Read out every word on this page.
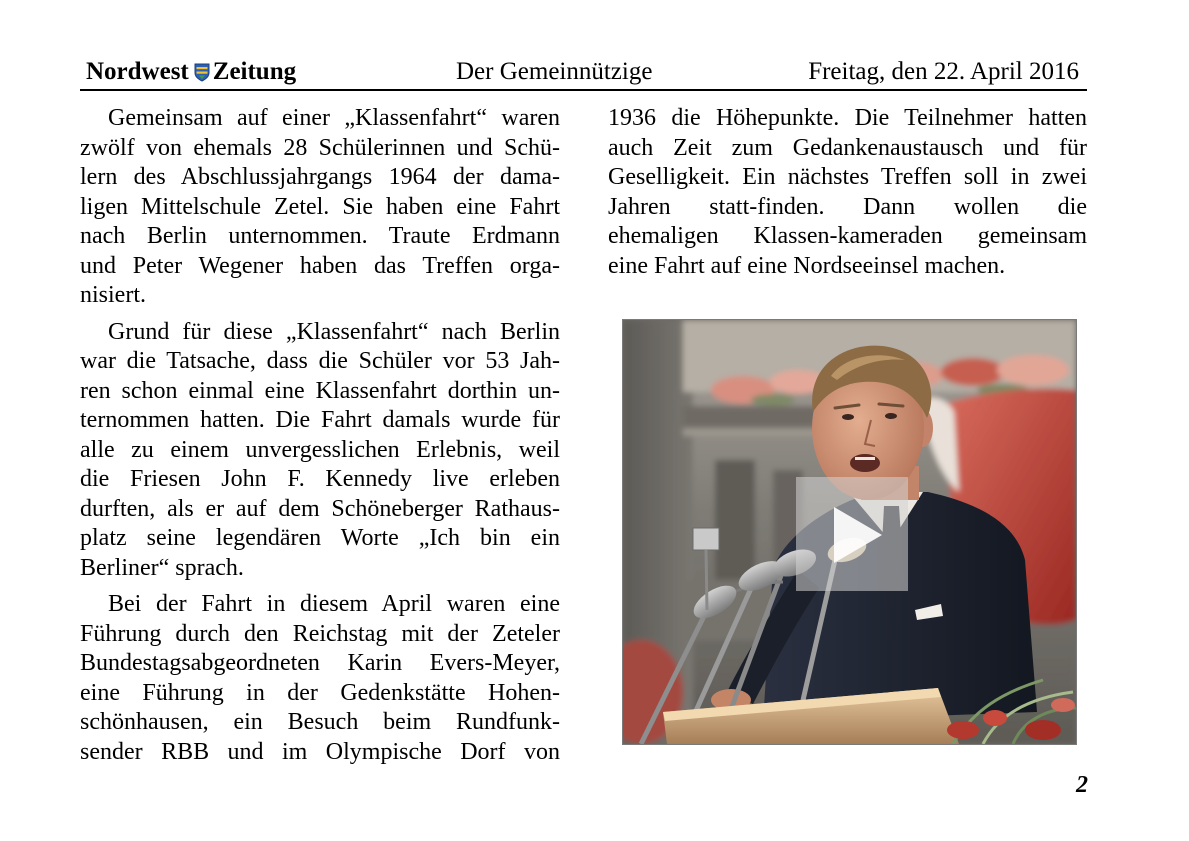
Nordwest Zeitung	Der Gemeinnützige	Freitag, den 22. April 2016
Gemeinsam auf einer „Klassenfahrt“ waren
zwölf von ehemals 28 Schülerinnen und Schü-
lern des Abschlussjahrgangs 1964 der dama-
ligen Mittelschule Zetel. Sie haben eine Fahrt
nach Berlin unternommen. Traute Erdmann
und Peter Wegener haben das Treffen orga-
nisiert.
Grund für diese „Klassenfahrt“ nach Berlin
war die Tatsache, dass die Schüler vor 53 Jah-
ren schon einmal eine Klassenfahrt dorthin un-
ternommen hatten. Die Fahrt damals wurde für
alle zu einem unvergesslichen Erlebnis, weil
die Friesen John F. Kennedy live erleben
durften, als er auf dem Schöneberger Rathaus-
platz seine legendären Worte „Ich bin ein
Berliner“ sprach.
Bei der Fahrt in diesem April waren eine
Führung durch den Reichstag mit der Zeteler
Bundestagsabgeordneten Karin Evers-Meyer,
eine Führung in der Gedenkstätte Hohen-
schönhausen, ein Besuch beim Rundfunk-
sender RBB und im Olympische Dorf von
1936 die Höhepunkte. Die Teilnehmer hatten
auch Zeit zum Gedankenaustausch und für
Geselligkeit. Ein nächstes Treffen soll in zwei
Jahren statt-finden. Dann wollen die
ehemaligen Klassen-kameraden gemeinsam
eine Fahrt auf eine Nordseeinsel machen.
2
